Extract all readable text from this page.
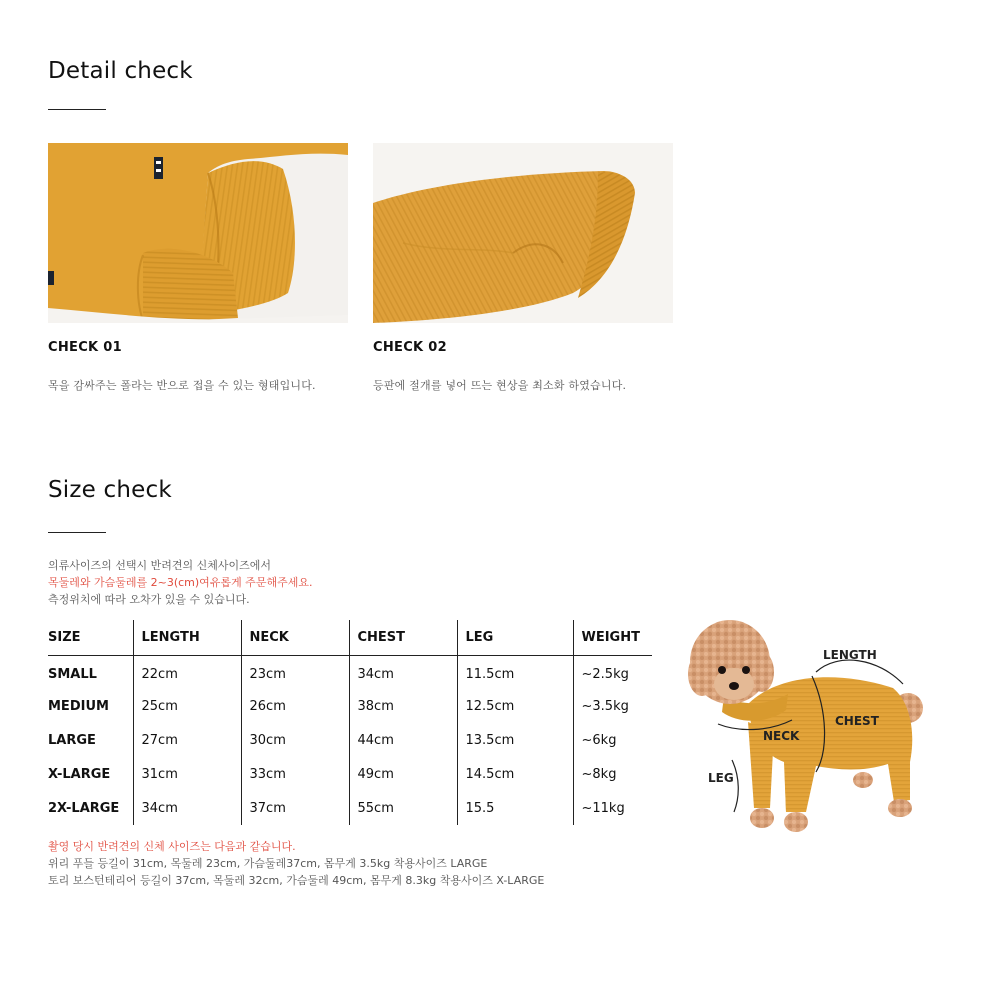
Detail check
CHECK 01
목을 감싸주는 폴라는 반으로 접을 수 있는 형태입니다.
CHECK 02
등판에 절개를 넣어 뜨는 현상을 최소화 하였습니다.
Size check
의류사이즈의 선택시 반려견의 신체사이즈에서
목둘레와 가슴둘레를 2~3(cm)여유롭게 주문해주세요.
측정위치에 따라 오차가 있을 수 있습니다.
SIZE	LENGTH	NECK	CHEST	LEG	WEIGHT
SMALL	22cm	23cm	34cm	11.5cm	~2.5kg
MEDIUM	25cm	26cm	38cm	12.5cm	~3.5kg
LARGE	27cm	30cm	44cm	13.5cm	~6kg
X-LARGE	31cm	33cm	49cm	14.5cm	~8kg
2X-LARGE	34cm	37cm	55cm	15.5	~11kg
촬영 당시 반려견의 신체 사이즈는 다음과 같습니다.
위리 푸들 등길이 31cm, 목둘레 23cm, 가슴둘레37cm, 몸무게 3.5kg 착용사이즈 LARGE
토리 보스턴테리어 등길이 37cm, 목둘레 32cm, 가슴둘레 49cm, 몸무게 8.3kg 착용사이즈 X-LARGE
LENGTH
CHEST
NECK
LEG
